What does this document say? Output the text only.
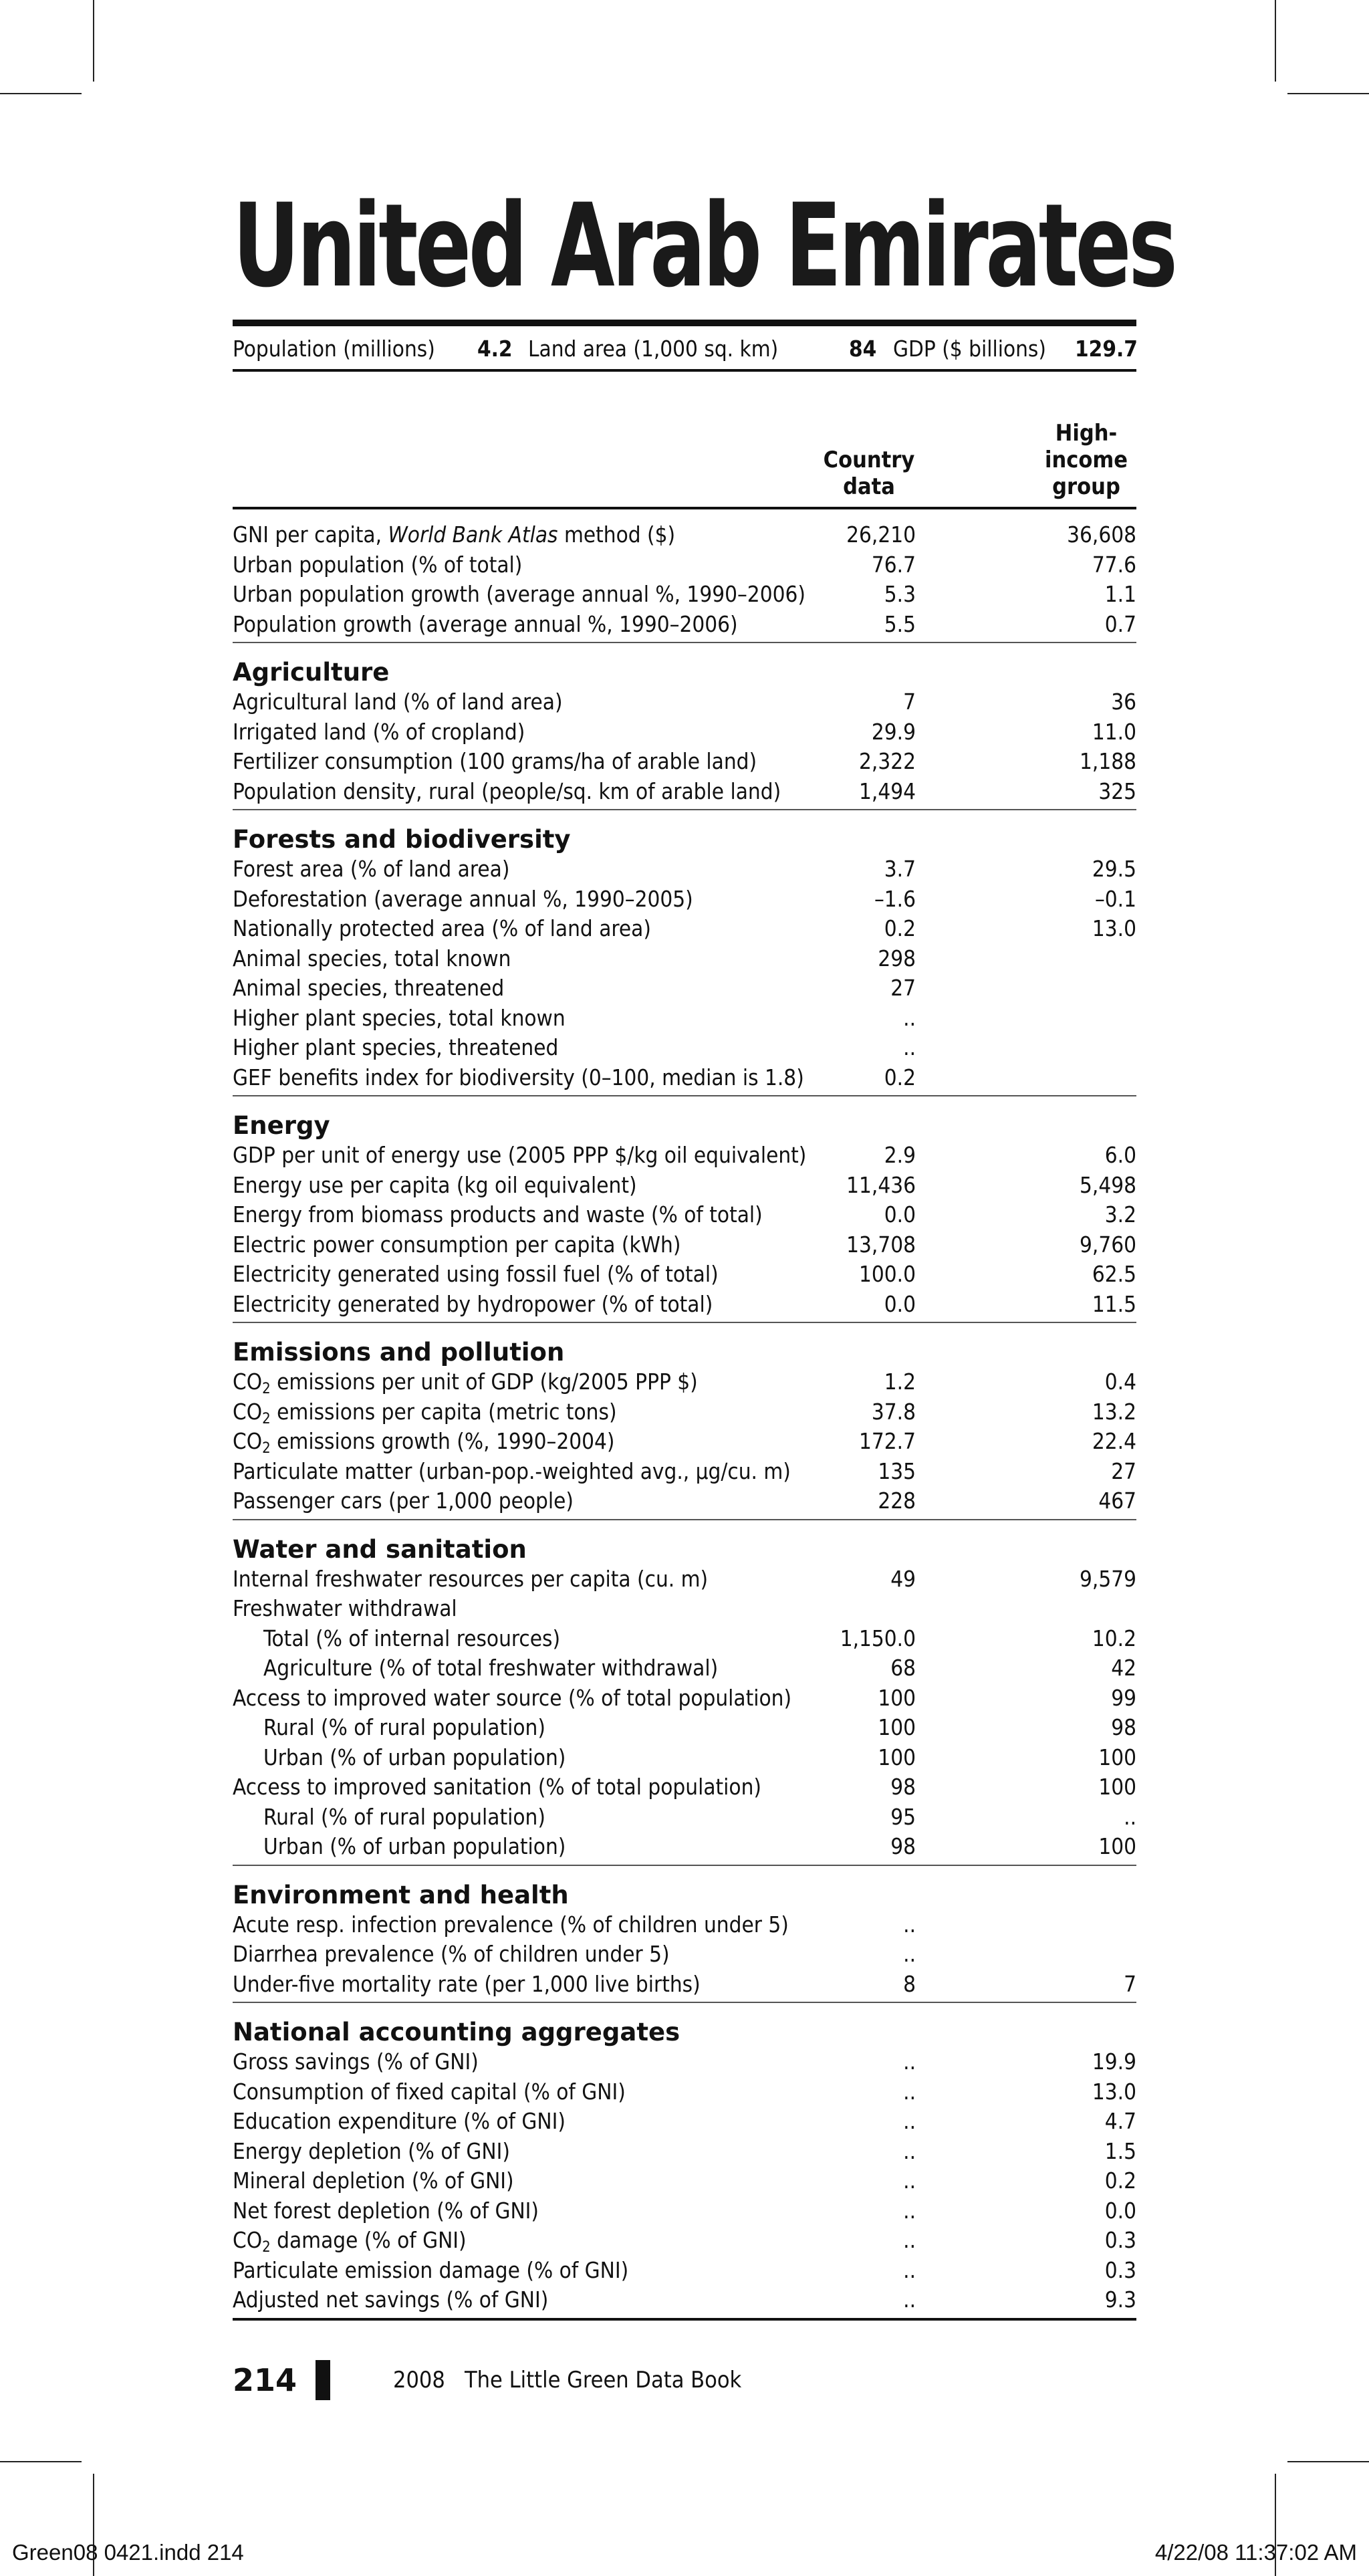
United Arab Emirates
Population (millions) 4.2 Land area (1,000 sq. km)	84 GDP ($ billions) 129.7
Country
data
High-
income
group
GNI per capita, World Bank Atlas method ($)	26,210	36,608
Urban population (% of total)	76.7	77.6
Urban population growth (average annual %, 1990–2006)	5.3	1.1
Population growth (average annual %, 1990–2006)	5.5	0.7
Agriculture
Agricultural land (% of land area)	7	36
Irrigated land (% of cropland)	29.9	11.0
Fertilizer consumption (100 grams/ha of arable land)	2,322	1,188
Population density, rural (people/sq. km of arable land)	1,494	325
Forests and biodiversity
Forest area (% of land area)	3.7	29.5
Deforestation (average annual %, 1990–2005)	–1.6	–0.1
Nationally protected area (% of land area)	0.2	13.0
Animal species, total known	298
Animal species, threatened	27
Higher plant species, total known	..
Higher plant species, threatened	..
GEF benefits index for biodiversity (0–100, median is 1.8)	0.2
Energy
GDP per unit of energy use (2005 PPP $/kg oil equivalent)	2.9	6.0
Energy use per capita (kg oil equivalent)	11,436	5,498
Energy from biomass products and waste (% of total)	0.0	3.2
Electric power consumption per capita (kWh)	13,708	9,760
Electricity generated using fossil fuel (% of total)	100.0	62.5
Electricity generated by hydropower (% of total)	0.0	11.5
Emissions and pollution
$CO_2$ emissions per unit of GDP (kg/2005 PPP $)	1.2	0.4
$CO_2$ emissions per capita (metric tons)	37.8	13.2
$CO_2$ emissions growth (%, 1990–2004)	172.7	22.4
Particulate matter (urban-pop.-weighted avg., µg/cu. m)	135	27
Passenger cars (per 1,000 people)	228	467
Water and sanitation
Internal freshwater resources per capita (cu. m)	49	9,579
Freshwater withdrawal
Total (% of internal resources)	1,150.0	10.2
Agriculture (% of total freshwater withdrawal)	68	42
Access to improved water source (% of total population)	100	99
Rural (% of rural population)	100	98
Urban (% of urban population)	100	100
Access to improved sanitation (% of total population)	98	100
Rural (% of rural population)	95	..
Urban (% of urban population)	98	100
Environment and health
Acute resp. infection prevalence (% of children under 5)	..
Diarrhea prevalence (% of children under 5)	..
Under-five mortality rate (per 1,000 live births)	8	7
National accounting aggregates
Gross savings (% of GNI)	..	19.9
Consumption of fixed capital (% of GNI)	..	13.0
Education expenditure (% of GNI)	..	4.7
Energy depletion (% of GNI)	..	1.5
Mineral depletion (% of GNI)	..	0.2
Net forest depletion (% of GNI)	..	0.0
$CO_2$ damage (% of GNI)	..	0.3
Particulate emission damage (% of GNI)	..	0.3
Adjusted net savings (% of GNI)	..	9.3
214	2008 The Little Green Data Book
Green08 0421.indd 214	4/22/08 11:37:02 AM
